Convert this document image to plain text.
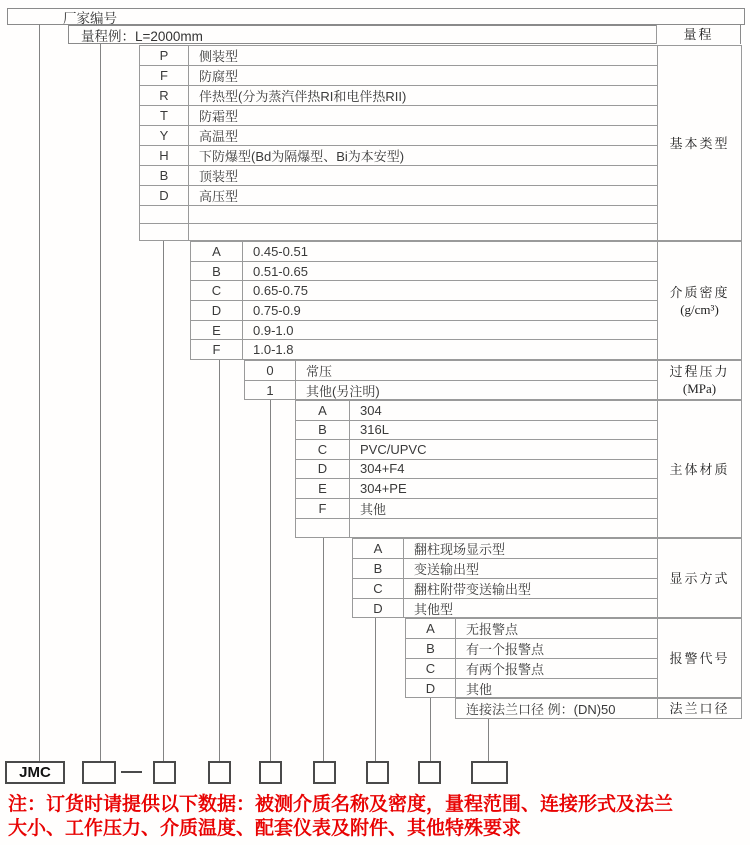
厂家编号
量程例：L=2000mm	量程
注：订货时请提供以下数据：被测介质名称及密度，量程范围、连接形式及法兰
大小、工作压力、介质温度、配套仪表及附件、其他特殊要求
P	侧装型
F	防腐型
R	伴热型(分为蒸汽伴热RI和电伴热RII)
T	防霜型
Y	高温型
H	下防爆型(Bd为隔爆型、Bi为本安型)
B	顶装型
D	高压型
基本类型
A	0.45-0.51
B	0.51-0.65
C	0.65-0.75
D	0.75-0.9
E	0.9-1.0
F	1.0-1.8
介质密度
(g/cm³)
0	常压
1	其他(另注明)
过程压力
(MPa)
A	304
B	316L
C	PVC/UPVC
D	304+F4
E	304+PE
F	其他
主体材质
A	翻柱现场显示型
B	变送输出型
C	翻柱附带变送输出型
D	其他型
显示方式
A	无报警点
B	有一个报警点
C	有两个报警点
D	其他
报警代号
连接法兰口径 例：(DN)50	法兰口径
JMC
